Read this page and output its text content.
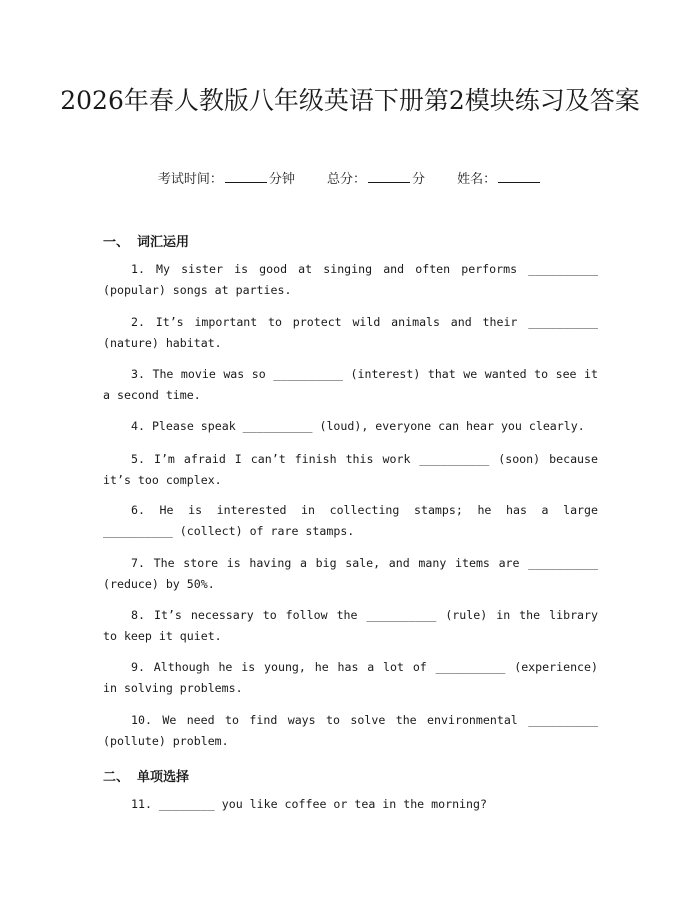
2026年春人教版八年级英语下册第2模块练习及答案
考试时间：	分钟 总分：	分 姓名：
一、 词汇运用
1. My sister is good at singing and often performs __________ (popular) songs at parties.
2. It’s important to protect wild animals and their __________ (nature) habitat.
3. The movie was so __________ (interest) that we wanted to see it a second time.
4. Please speak __________ (loud), everyone can hear you clearly.
5. I’m afraid I can’t finish this work __________ (soon) because it’s too complex.
6. He is interested in collecting stamps; he has a large __________ (collect) of rare stamps.
7. The store is having a big sale, and many items are __________ (reduce) by 50%.
8. It’s necessary to follow the __________ (rule) in the library to keep it quiet.
9. Although he is young, he has a lot of __________ (experience) in solving problems.
10. We need to find ways to solve the environmental __________ (pollute) problem.
二、 单项选择
11. ________ you like coffee or tea in the morning?
